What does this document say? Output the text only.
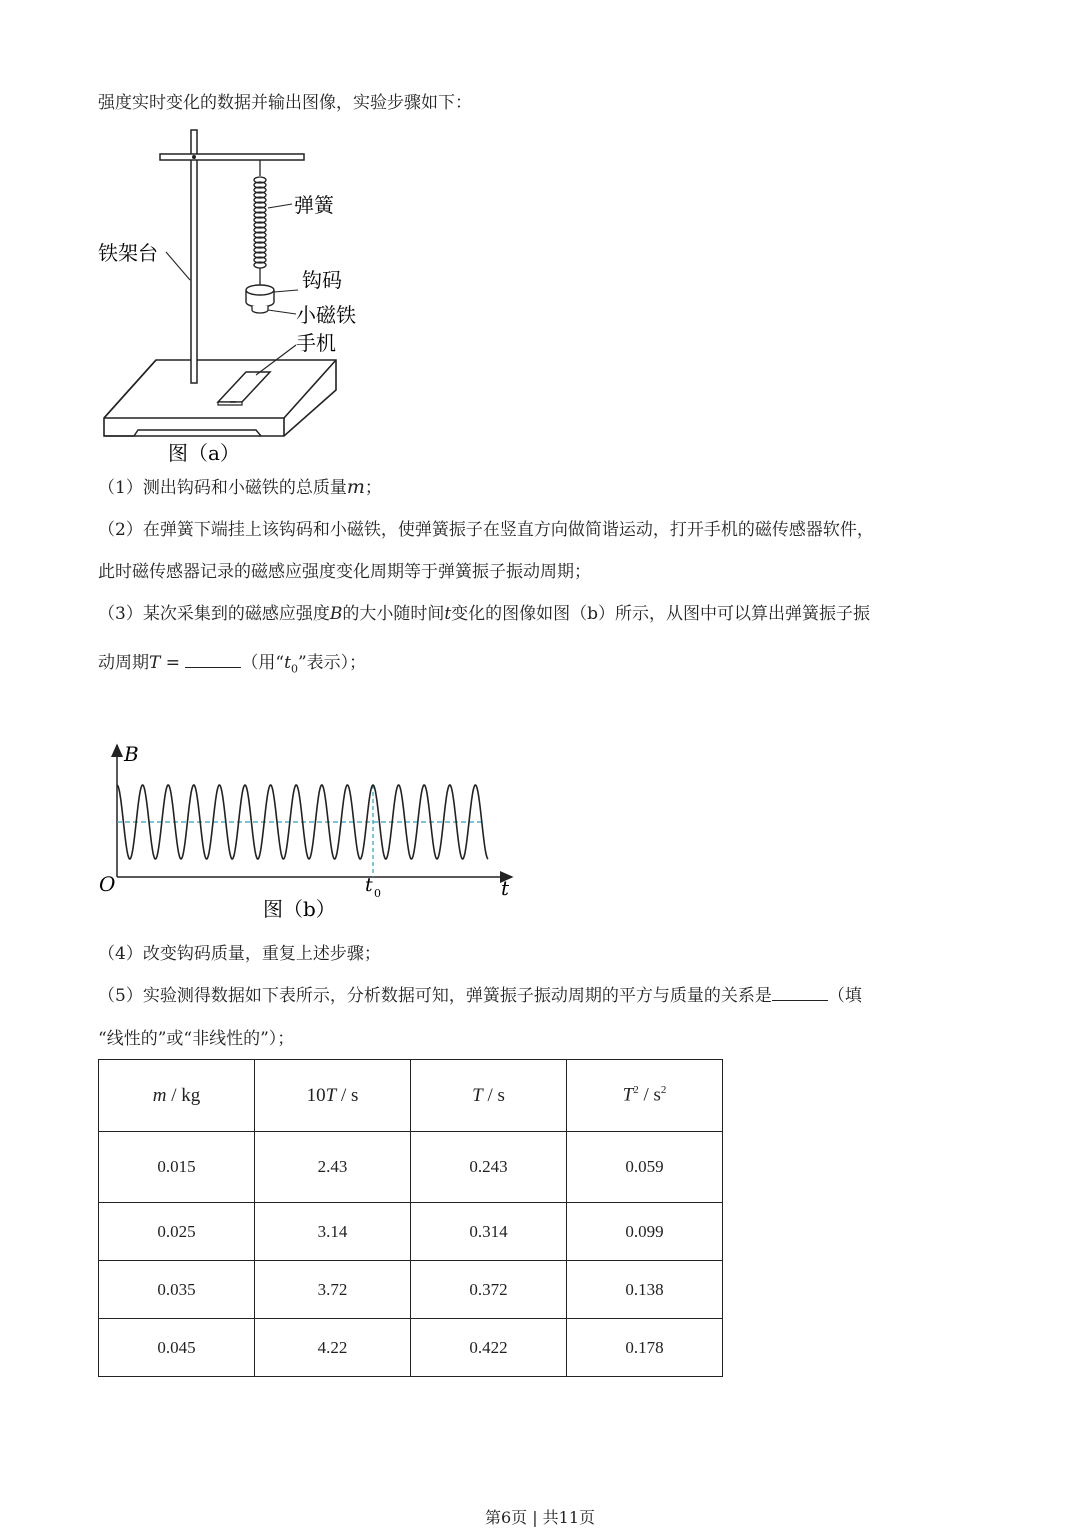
强度实时变化的数据并输出图像，实验步骤如下：
弹簧
铁架台
钩码
小磁铁
手机
图（a）
（1）测出钩码和小磁铁的总质量m；
（2）在弹簧下端挂上该钩码和小磁铁，使弹簧振子在竖直方向做简谐运动，打开手机的磁传感器软件，
此时磁传感器记录的磁感应强度变化周期等于弹簧振子振动周期；
（3）某次采集到的磁感应强度B的大小随时间t变化的图像如图（b）所示，从图中可以算出弹簧振子振
动周期T =	（用“$t_0$”表示）；
B
t
O	t 0
图（b）
（4）改变钩码质量，重复上述步骤；
（5）实验测得数据如下表所示，分析数据可知，弹簧振子振动周期的平方与质量的关系是	（填
“线性的”或“非线性的”）；
m / kg	10T / s	T / s	$T^2 / s^2$
0.015	2.43	0.243	0.059
0.025	3.14	0.314	0.099
0.035	3.72	0.372	0.138
0.045	4.22	0.422	0.178
第6页 | 共11页
